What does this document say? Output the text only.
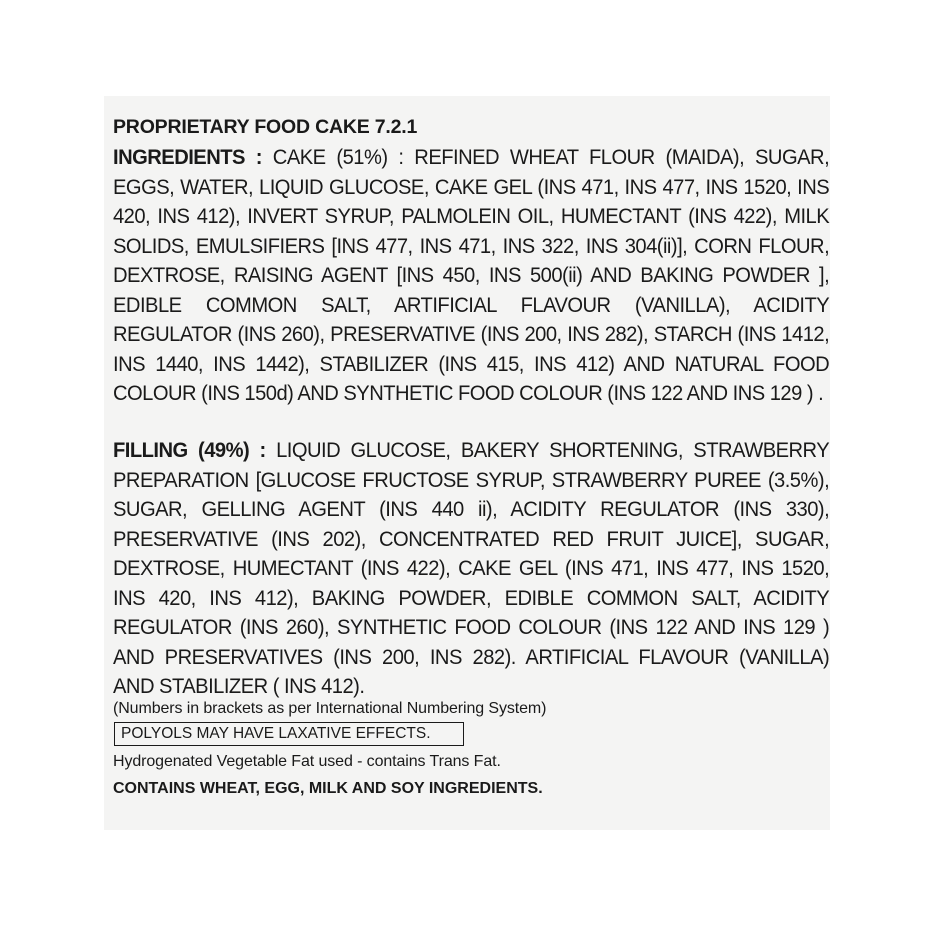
PROPRIETARY FOOD CAKE 7.2.1
INGREDIENTS : CAKE (51%) : REFINED WHEAT FLOUR (MAIDA), SUGAR, EGGS, WATER, LIQUID GLUCOSE, CAKE GEL (INS 471, INS 477, INS 1520, INS 420, INS 412), INVERT SYRUP, PALMOLEIN OIL, HUMECTANT (INS 422), MILK SOLIDS, EMULSIFIERS [INS 477, INS 471, INS 322, INS 304(ii)], CORN FLOUR, DEXTROSE, RAISING AGENT [INS 450, INS 500(ii) AND BAKING POWDER ], EDIBLE COMMON SALT, ARTIFICIAL FLAVOUR (VANILLA), ACIDITY REGULATOR (INS 260), PRESERVATIVE (INS 200, INS 282), STARCH (INS 1412, INS 1440, INS 1442), STABILIZER (INS 415, INS 412) AND NATURAL FOOD COLOUR (INS 150d) AND SYNTHETIC FOOD COLOUR (INS 122 AND INS 129 ) .
FILLING (49%) : LIQUID GLUCOSE, BAKERY SHORTENING, STRAWBERRY PREPARATION [GLUCOSE FRUCTOSE SYRUP, STRAWBERRY PUREE (3.5%), SUGAR, GELLING AGENT (INS 440 ii), ACIDITY REGULATOR (INS 330), PRESERVATIVE (INS 202), CONCENTRATED RED FRUIT JUICE], SUGAR, DEXTROSE, HUMECTANT (INS 422), CAKE GEL (INS 471, INS 477, INS 1520, INS 420, INS 412), BAKING POWDER, EDIBLE COMMON SALT, ACIDITY REGULATOR (INS 260), SYNTHETIC FOOD COLOUR (INS 122 AND INS 129 ) AND PRESERVATIVES (INS 200, INS 282). ARTIFICIAL FLAVOUR (VANILLA) AND STABILIZER ( INS 412).
(Numbers in brackets as per International Numbering System)
POLYOLS MAY HAVE LAXATIVE EFFECTS.
Hydrogenated Vegetable Fat used - contains Trans Fat.
CONTAINS WHEAT, EGG, MILK AND SOY INGREDIENTS.
